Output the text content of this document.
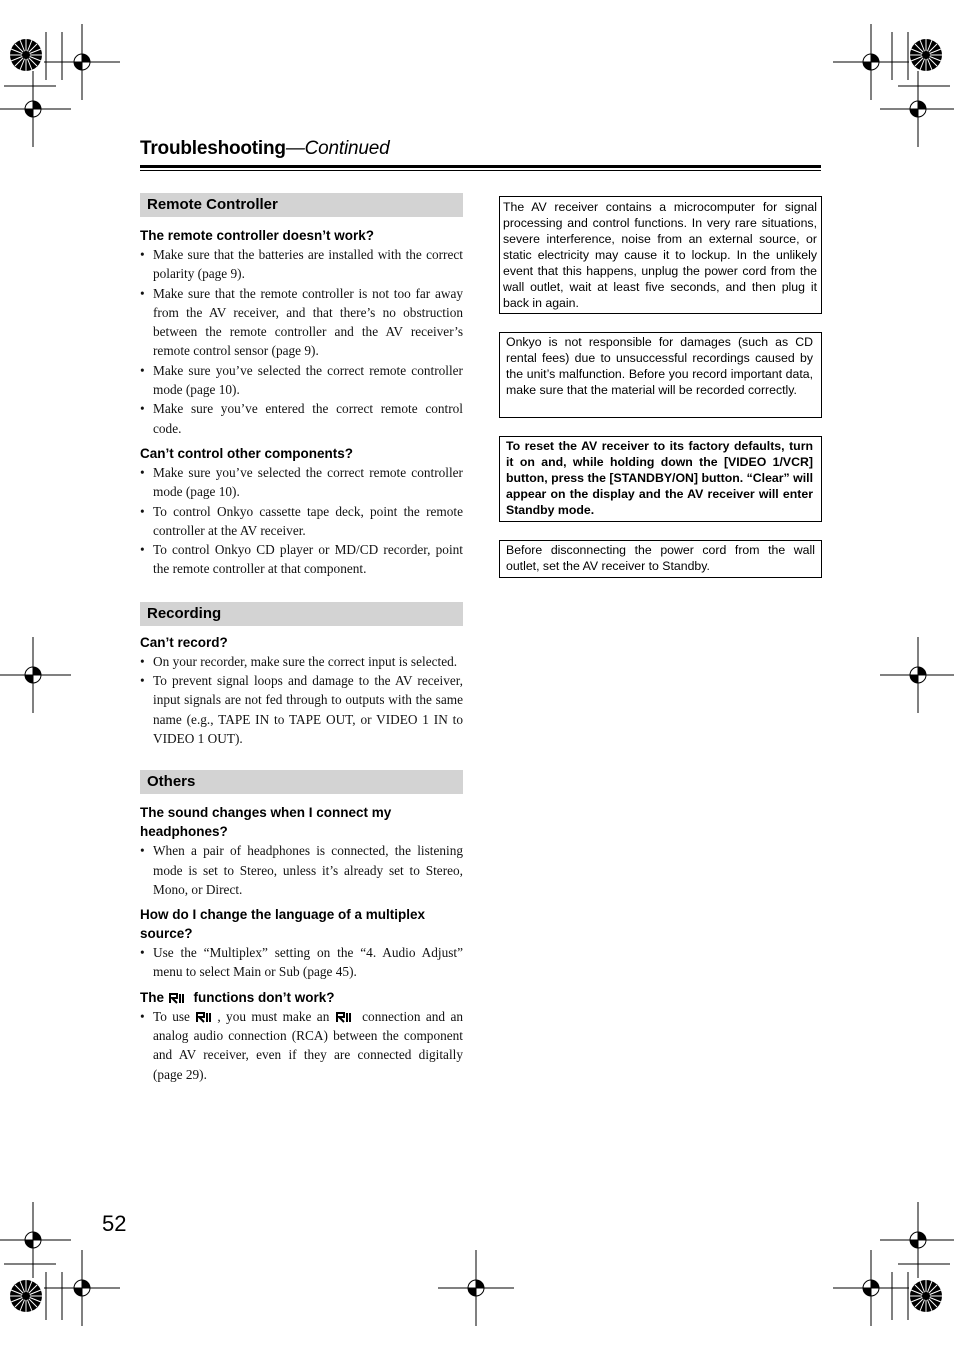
Troubleshooting—Continued
Remote Controller
The remote controller doesn’t work?
• Make sure that the batteries are installed with the correct polarity (page 9).
• Make sure that the remote controller is not too far away from the AV receiver, and that there’s no obstruction between the remote controller and the AV receiver’s remote control sensor (page 9).
• Make sure you’ve selected the correct remote controller mode (page 10).
• Make sure you’ve entered the correct remote control code.
Can’t control other components?
• Make sure you’ve selected the correct remote controller mode (page 10).
• To control Onkyo cassette tape deck, point the remote controller at the AV receiver.
• To control Onkyo CD player or MD/CD recorder, point the remote controller at that component.
Recording
Can’t record?
• On your recorder, make sure the correct input is selected.
• To prevent signal loops and damage to the AV receiver, input signals are not fed through to outputs with the same name (e.g., TAPE IN to TAPE OUT, or VIDEO 1 IN to VIDEO 1 OUT).
Others
The sound changes when I connect my headphones?
• When a pair of headphones is connected, the listening mode is set to Stereo, unless it’s already set to Stereo, Mono, or Direct.
How do I change the language of a multiplex source?
• Use the “Multiplex” setting on the “4. Audio Adjust” menu to select Main or Sub (page 45).
The functions don’t work?
• To use , you must make an connection and an analog audio connection (RCA) between the component and AV receiver, even if they are connected digitally (page 29).
The AV receiver contains a microcomputer for signal processing and control functions. In very rare situations, severe interference, noise from an external source, or static electricity may cause it to lockup. In the unlikely event that this happens, unplug the power cord from the wall outlet, wait at least five seconds, and then plug it back in again.
Onkyo is not responsible for damages (such as CD rental fees) due to unsuccessful recordings caused by the unit’s malfunction. Before you record important data, make sure that the material will be recorded correctly.
To reset the AV receiver to its factory defaults, turn it on and, while holding down the [VIDEO 1/VCR] button, press the [STANDBY/ON] button. “Clear” will appear on the display and the AV receiver will enter Standby mode.
Before disconnecting the power cord from the wall outlet, set the AV receiver to Standby.
52
